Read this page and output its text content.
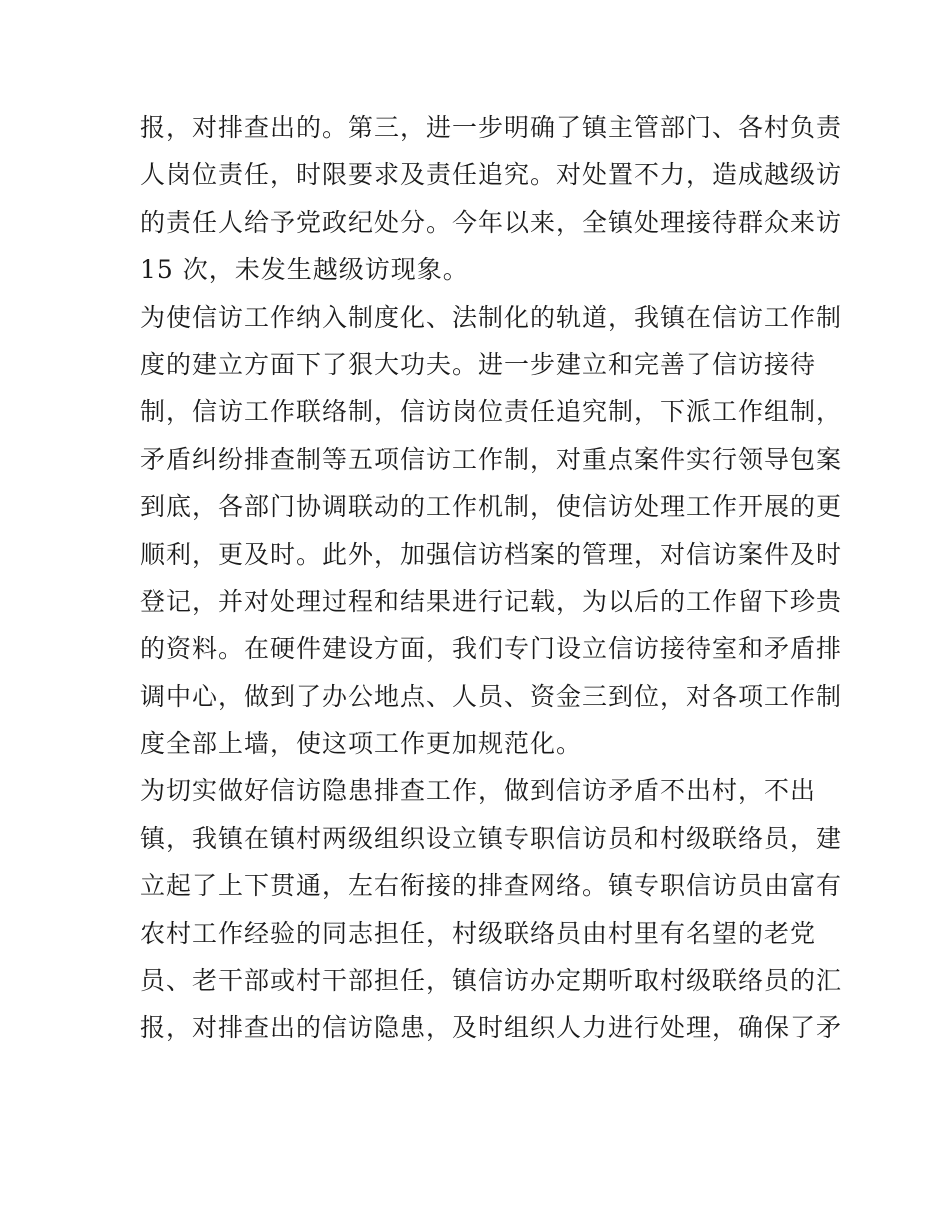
报，对排查出的。第三，进一步明确了镇主管部门、各村负责
人岗位责任，时限要求及责任追究。对处置不力，造成越级访
的责任人给予党政纪处分。今年以来，全镇处理接待群众来访
15 次，未发生越级访现象。
为使信访工作纳入制度化、法制化的轨道，我镇在信访工作制
度的建立方面下了狠大功夫。进一步建立和完善了信访接待
制，信访工作联络制，信访岗位责任追究制，下派工作组制，
矛盾纠纷排查制等五项信访工作制，对重点案件实行领导包案
到底，各部门协调联动的工作机制，使信访处理工作开展的更
顺利，更及时。此外，加强信访档案的管理，对信访案件及时
登记，并对处理过程和结果进行记载，为以后的工作留下珍贵
的资料。在硬件建设方面，我们专门设立信访接待室和矛盾排
调中心，做到了办公地点、人员、资金三到位，对各项工作制
度全部上墙，使这项工作更加规范化。
为切实做好信访隐患排查工作，做到信访矛盾不出村，不出
镇，我镇在镇村两级组织设立镇专职信访员和村级联络员，建
立起了上下贯通，左右衔接的排查网络。镇专职信访员由富有
农村工作经验的同志担任，村级联络员由村里有名望的老党
员、老干部或村干部担任，镇信访办定期听取村级联络员的汇
报，对排查出的信访隐患，及时组织人力进行处理，确保了矛
